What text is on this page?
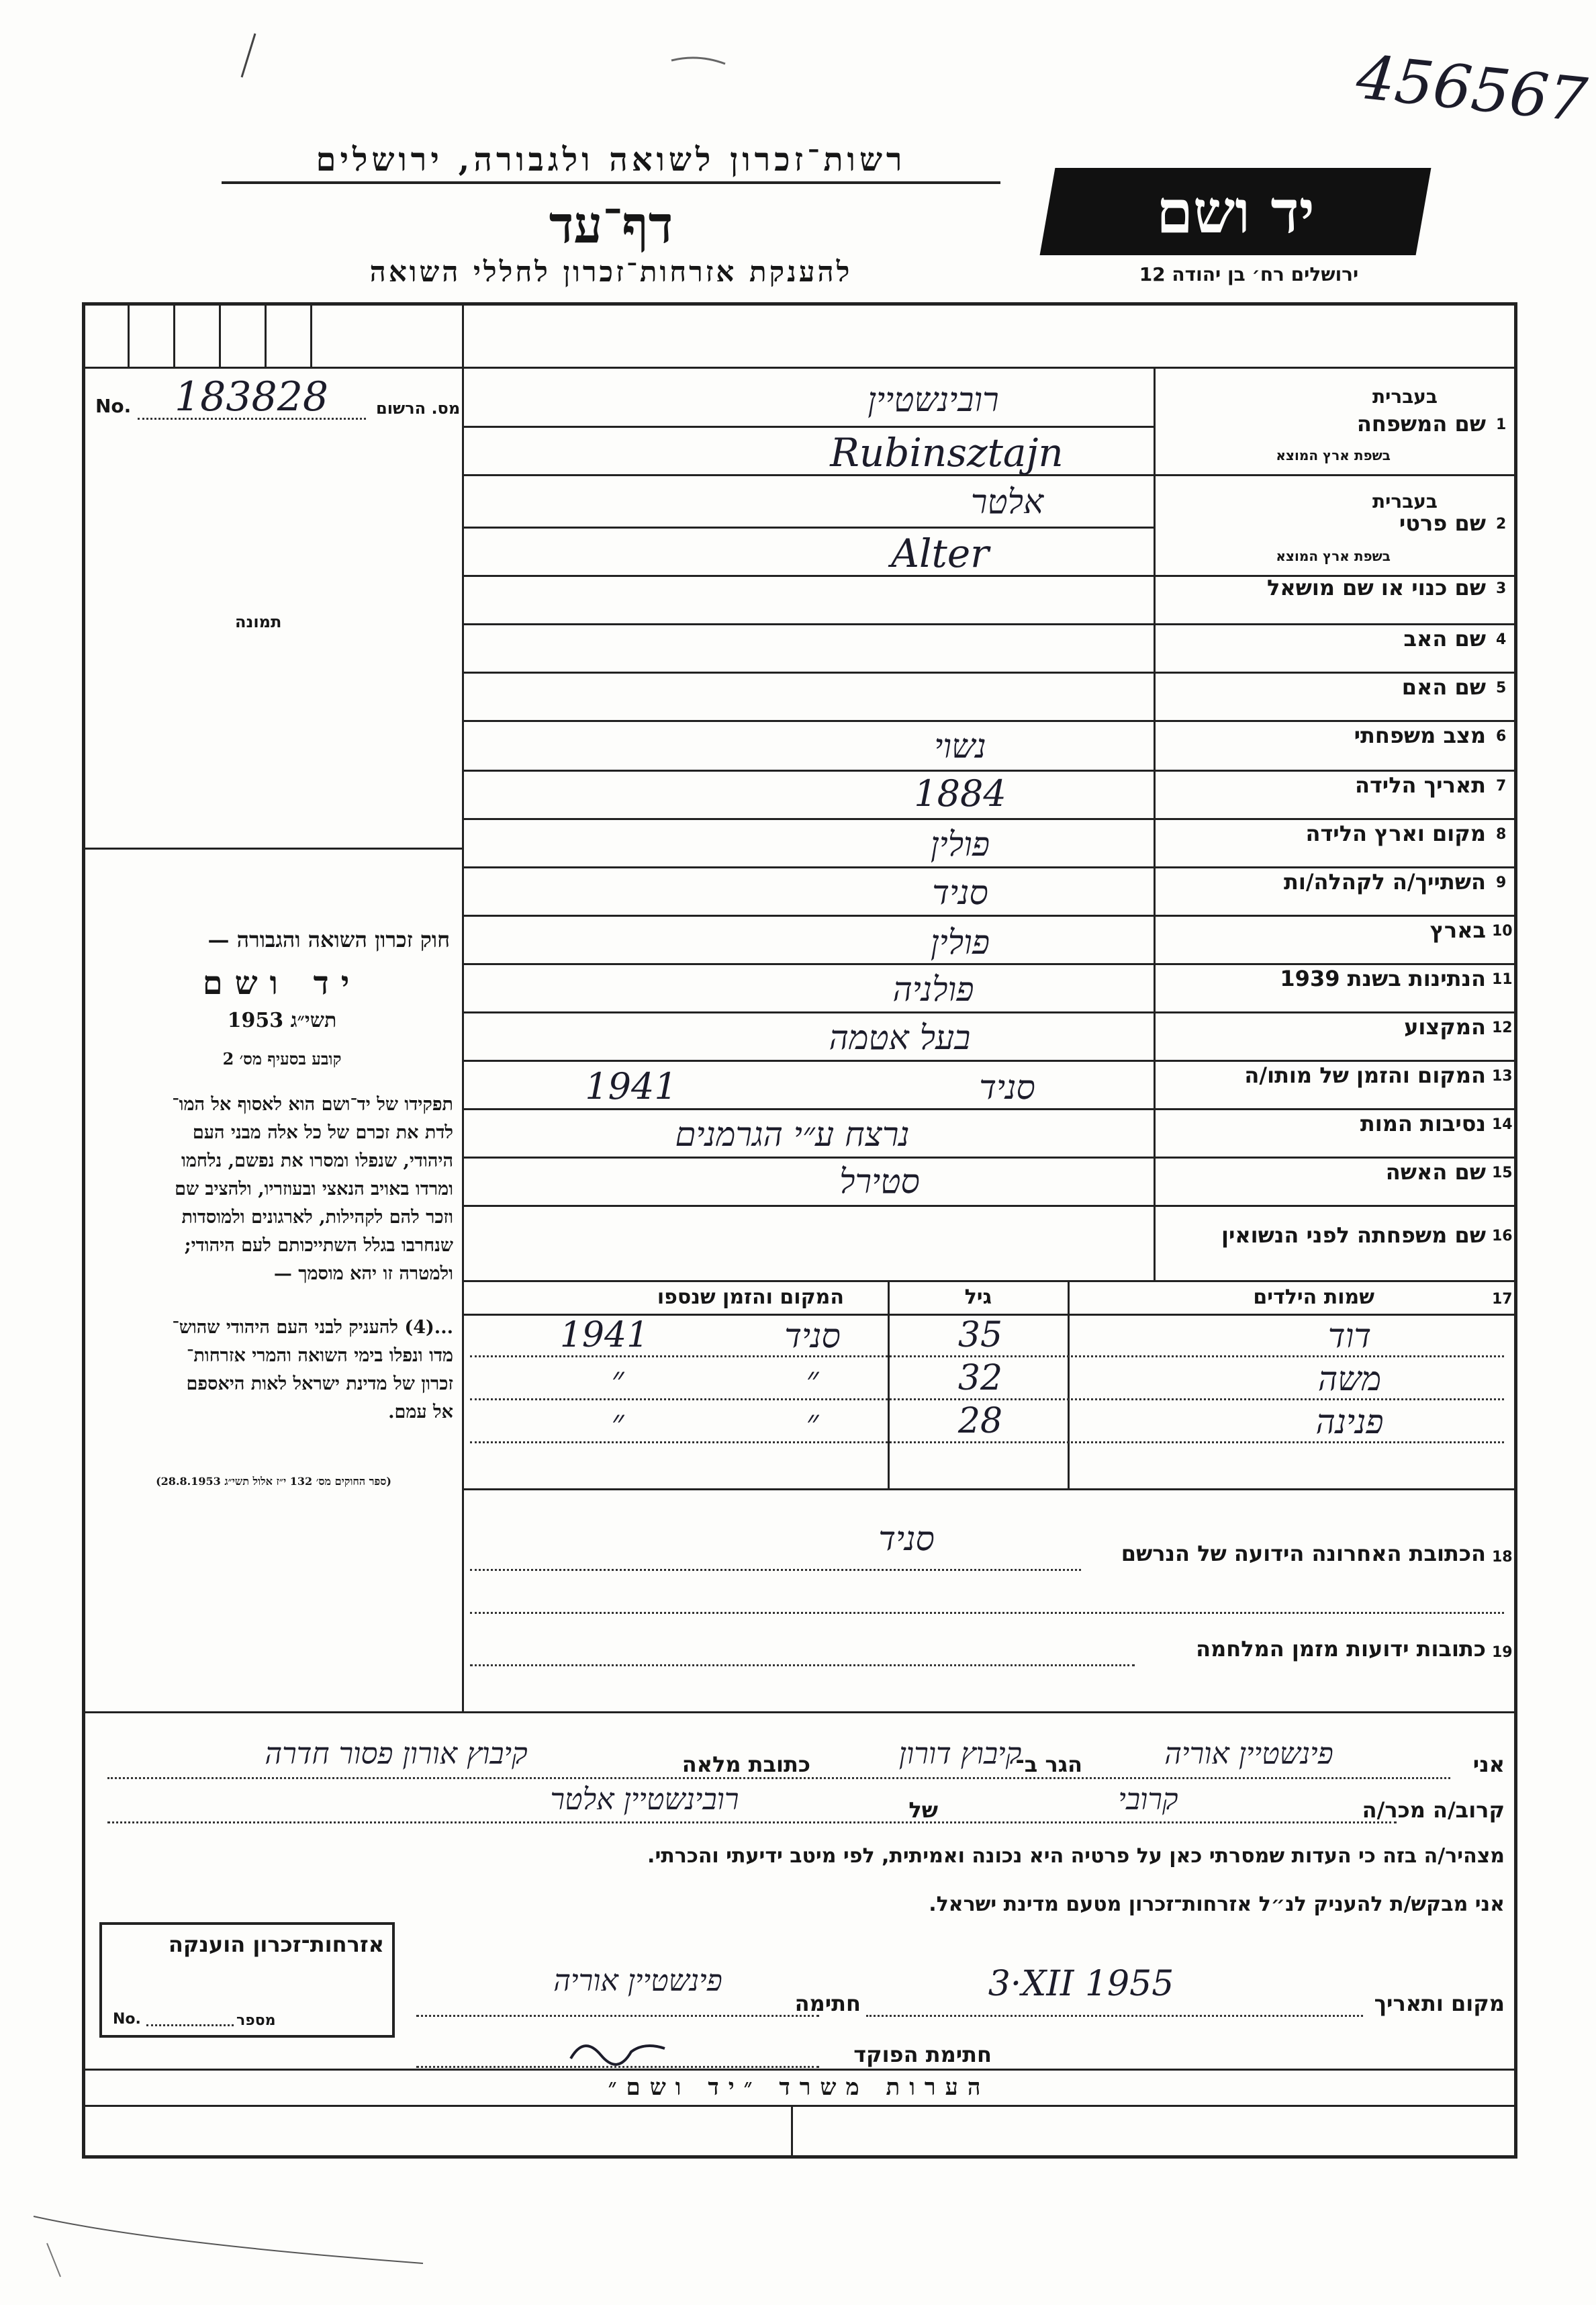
456567
רשות־זכרון לשואה ולגבורה, ירושלים
דף־עד
להענקת אזרחות־זכרון לחללי השואה
יד ושם
ירושלים רח׳ בן יהודה 12
No. 183828	מס. הרשום
תמונה
חוק זכרון השואה והגבורה —
יד ושם
תשי״ג 1953
קובע בסעיף מס׳ 2
תפקידו של יד־ושם הוא לאסוף אל המו־
לדת את זכרם של כל אלה מבני העם
היהודי, שנפלו ומסרו את נפשם, נלחמו
ומרדו באויב הנאצי ובעוזריו, ולהציב שם
וזכר להם לקהילות, לארגונים ולמוסדות
שנחרבו בגלל השתייכותם לעם היהודי;
ולמטרה זו יהא מוסמך —
...(4) להעניק לבני העם היהודי שהוש־
מדו ונפלו בימי השואה והמרי אזרחות־
זכרון של מדינת ישראל לאות היאספם
אל עמם.
(ספר החוקים מס׳ 132 י״ז אלול תשי״ג 28.8.1953)
בעברית
בשפת ארץ המוצא
בעברית
בשפת ארץ המוצא
שם המשפחה 1
שם פרטי 2
שם כנוי או שם מושאל 3
שם האב 4
שם האם 5
מצב משפחתי 6
תאריך הלידה 7
מקום וארץ הלידה 8
השתייך/ה לקהלה/ות 9
בארץ 10
הנתינות בשנת 1939 11
המקצוע 12
המקום והזמן של מותו/ה 13
נסיבות המות 14
שם האשה 15
שם משפחתה לפני הנשואין 16
רובינשטיין
Rubinsztajn
אלטר
Alter
נשוי
1884
פולין
סניד
פולין
פולניה
בעל אטמה
סניד
1941
נרצח ע״י הגרמנים
סטירל
17
שמות הילדים
גיל
המקום והזמן שנספו
דוד
35
סניד
1941
משה
32
״
״
פנינה
28
״
״
18
הכתובת האחרונה הידועה של הנרשם
סניד
19
כתובות ידועות מזמן המלחמה
אני
פינשטיין אוריה
הגר ב־
קיבוץ דורון
כתובת מלאה
קיבוץ אורון פסור חדרה
קרוב/ה מכר/ה
קרובי
של
רובינשטיין אלטר
מצהיר/ה בזה כי העדות שמסרתי כאן על פרטיה היא נכונה ואמיתית, לפי מיטב ידיעתי והכרתי.
אני מבקש/ת להעניק לנ״ל אזרחות־זכרון מטעם מדינת ישראל.
מקום ותאריך
3·XII 1955
חתימה
פינשטיין אוריה
חתימת הפוקד
אזרחות־זכרון הוענקה
No.	מספר
הערות משרד ״יד ושם״
